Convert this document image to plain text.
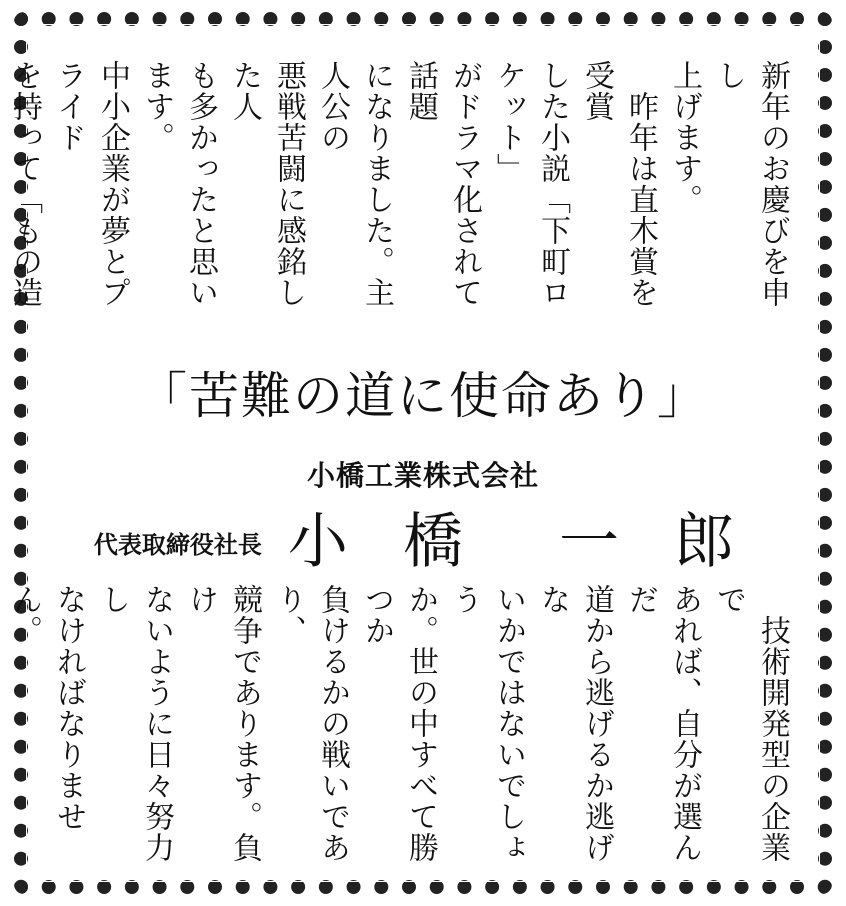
新年のお慶びを申し
上げます。
　昨年は直木賞を受賞
した小説「下町ロケット」
がドラマ化されて話題
になりました。主人公の
悪戦苦闘に感銘した人
も多かったと思います。
中小企業が夢とプライド
を持って「もの造

「苦難の道に使命あり」
小橋工業株式会社
代表取締役社長 小 橋　一 郎
　技術開発型の企業で
あれば、自分が選んだ
道から逃げるか逃げな
いかではないでしょう
か。世の中すべて勝つか
負けるかの戦いであり、
競争であります。負け
ないように日々努力し
なければなりません。
